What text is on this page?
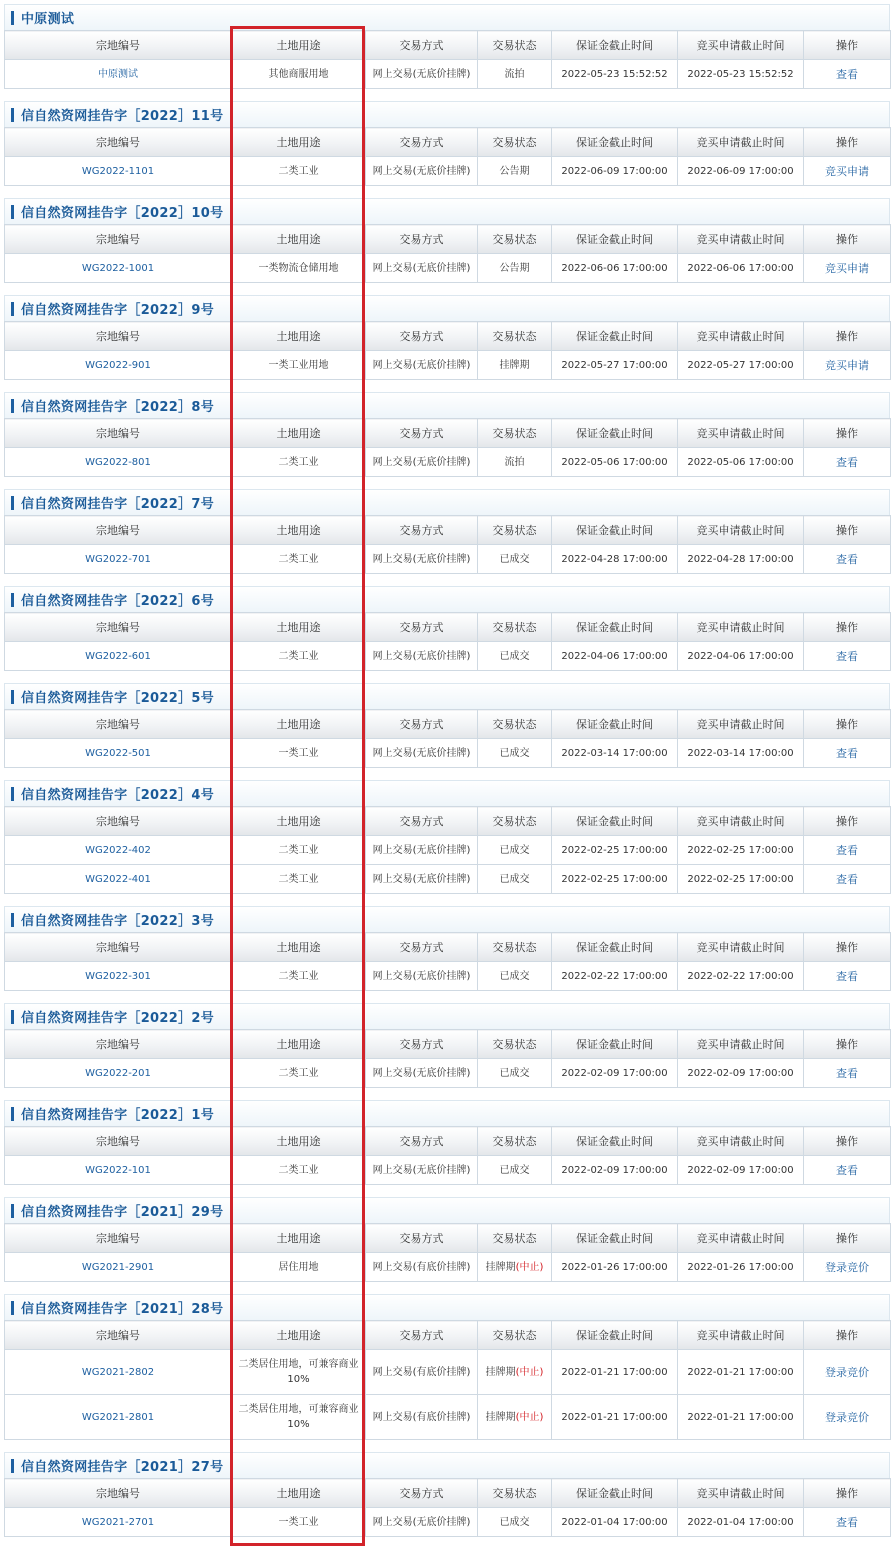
中原测试
宗地编号	土地用途	交易方式	交易状态	保证金截止时间	竞买申请截止时间	操作
中原测试	其他商服用地	网上交易(无底价挂牌)	流拍	2022-05-23 15:52:52	2022-05-23 15:52:52	查看
信自然资网挂告字［2022］11号
宗地编号	土地用途	交易方式	交易状态	保证金截止时间	竞买申请截止时间	操作
WG2022-1101	二类工业	网上交易(无底价挂牌)	公告期	2022-06-09 17:00:00	2022-06-09 17:00:00	竞买申请
信自然资网挂告字［2022］10号
宗地编号	土地用途	交易方式	交易状态	保证金截止时间	竞买申请截止时间	操作
WG2022-1001	一类物流仓储用地	网上交易(无底价挂牌)	公告期	2022-06-06 17:00:00	2022-06-06 17:00:00	竞买申请
信自然资网挂告字［2022］9号
宗地编号	土地用途	交易方式	交易状态	保证金截止时间	竞买申请截止时间	操作
WG2022-901	一类工业用地	网上交易(无底价挂牌)	挂牌期	2022-05-27 17:00:00	2022-05-27 17:00:00	竞买申请
信自然资网挂告字［2022］8号
宗地编号	土地用途	交易方式	交易状态	保证金截止时间	竞买申请截止时间	操作
WG2022-801	二类工业	网上交易(无底价挂牌)	流拍	2022-05-06 17:00:00	2022-05-06 17:00:00	查看
信自然资网挂告字［2022］7号
宗地编号	土地用途	交易方式	交易状态	保证金截止时间	竞买申请截止时间	操作
WG2022-701	二类工业	网上交易(无底价挂牌)	已成交	2022-04-28 17:00:00	2022-04-28 17:00:00	查看
信自然资网挂告字［2022］6号
宗地编号	土地用途	交易方式	交易状态	保证金截止时间	竞买申请截止时间	操作
WG2022-601	二类工业	网上交易(无底价挂牌)	已成交	2022-04-06 17:00:00	2022-04-06 17:00:00	查看
信自然资网挂告字［2022］5号
宗地编号	土地用途	交易方式	交易状态	保证金截止时间	竞买申请截止时间	操作
WG2022-501	一类工业	网上交易(无底价挂牌)	已成交	2022-03-14 17:00:00	2022-03-14 17:00:00	查看
信自然资网挂告字［2022］4号
宗地编号	土地用途	交易方式	交易状态	保证金截止时间	竞买申请截止时间	操作
WG2022-402	二类工业	网上交易(无底价挂牌)	已成交	2022-02-25 17:00:00	2022-02-25 17:00:00	查看
WG2022-401	二类工业	网上交易(无底价挂牌)	已成交	2022-02-25 17:00:00	2022-02-25 17:00:00	查看
信自然资网挂告字［2022］3号
宗地编号	土地用途	交易方式	交易状态	保证金截止时间	竞买申请截止时间	操作
WG2022-301	二类工业	网上交易(无底价挂牌)	已成交	2022-02-22 17:00:00	2022-02-22 17:00:00	查看
信自然资网挂告字［2022］2号
宗地编号	土地用途	交易方式	交易状态	保证金截止时间	竞买申请截止时间	操作
WG2022-201	二类工业	网上交易(无底价挂牌)	已成交	2022-02-09 17:00:00	2022-02-09 17:00:00	查看
信自然资网挂告字［2022］1号
宗地编号	土地用途	交易方式	交易状态	保证金截止时间	竞买申请截止时间	操作
WG2022-101	二类工业	网上交易(无底价挂牌)	已成交	2022-02-09 17:00:00	2022-02-09 17:00:00	查看
信自然资网挂告字［2021］29号
宗地编号	土地用途	交易方式	交易状态	保证金截止时间	竞买申请截止时间	操作
WG2021-2901	居住用地	网上交易(有底价挂牌)	挂牌期(中止)	2022-01-26 17:00:00	2022-01-26 17:00:00	登录竞价
信自然资网挂告字［2021］28号
宗地编号	土地用途	交易方式	交易状态	保证金截止时间	竞买申请截止时间	操作
WG2021-2802	二类居住用地，可兼容商业10%	网上交易(有底价挂牌)	挂牌期(中止)	2022-01-21 17:00:00	2022-01-21 17:00:00	登录竞价
WG2021-2801	二类居住用地，可兼容商业10%	网上交易(有底价挂牌)	挂牌期(中止)	2022-01-21 17:00:00	2022-01-21 17:00:00	登录竞价
信自然资网挂告字［2021］27号
宗地编号	土地用途	交易方式	交易状态	保证金截止时间	竞买申请截止时间	操作
WG2021-2701	一类工业	网上交易(无底价挂牌)	已成交	2022-01-04 17:00:00	2022-01-04 17:00:00	查看
